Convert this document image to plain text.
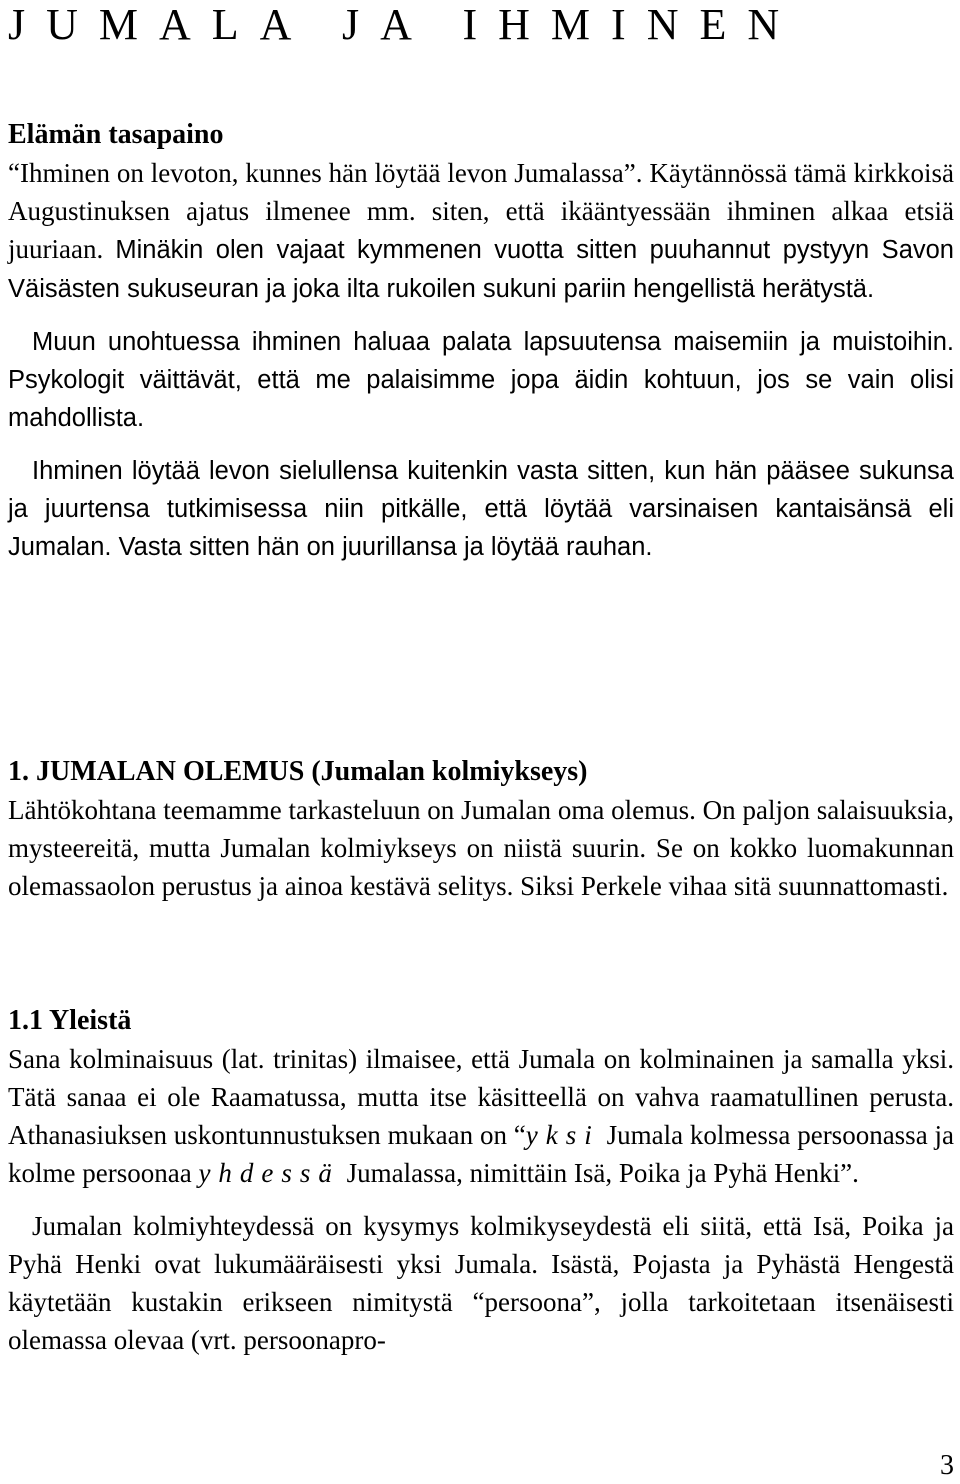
JUMALA JA IHMINEN
Elämän tasapaino

“Ihminen on levoton, kunnes hän löytää levon Jumalassa”. Käytännössä tämä kirkkoisä Augustinuksen ajatus ilmenee mm. siten, että ikääntyessään ihminen alkaa etsiä juuriaan. Minäkin olen vajaat kymmenen vuotta sitten puuhannut pystyyn Savon Väisästen sukuseuran ja joka ilta rukoilen sukuni pariin hengellistä herätystä.

Muun unohtuessa ihminen haluaa palata lapsuutensa maisemiin ja muistoihin. Psykologit väittävät, että me palaisimme jopa äidin kohtuun, jos se vain olisi mahdollista.

Ihminen löytää levon sielullensa kuitenkin vasta sitten, kun hän pääsee sukunsa ja juurtensa tutkimisessa niin pitkälle, että löytää varsinaisen kantaisänsä eli Jumalan. Vasta sitten hän on juurillansa ja löytää rauhan.

1. JUMALAN OLEMUS (Jumalan kolmiykseys)

Lähtökohtana teemamme tarkasteluun on Jumalan oma olemus. On paljon salaisuuksia, mysteereitä, mutta Jumalan kolmiykseys on niistä suurin. Se on kokko luomakunnan olemassaolon perustus ja ainoa kestävä selitys. Siksi Perkele vihaa sitä suunnattomasti.

1.1 Yleistä

Sana kolminaisuus (lat. trinitas) ilmaisee, että Jumala on kolminainen ja samalla yksi. Tätä sanaa ei ole Raamatussa, mutta itse käsitteellä on vahva raamatullinen perusta. Athanasiuksen uskontunnustuksen mukaan on “yksi Jumala kolmessa persoonassa ja kolme persoonaa yhdessä Jumalassa, nimittäin Isä, Poika ja Pyhä Henki”.

Jumalan kolmiyhteydessä on kysymys kolmikyseydestä eli siitä, että Isä, Poika ja Pyhä Henki ovat lukumääräisesti yksi Jumala. Isästä, Pojasta ja Pyhästä Hengestä käytetään kustakin erikseen nimitystä “persoona”, jolla tarkoitetaan itsenäisesti olemassa olevaa (vrt. persoonapro-

3
